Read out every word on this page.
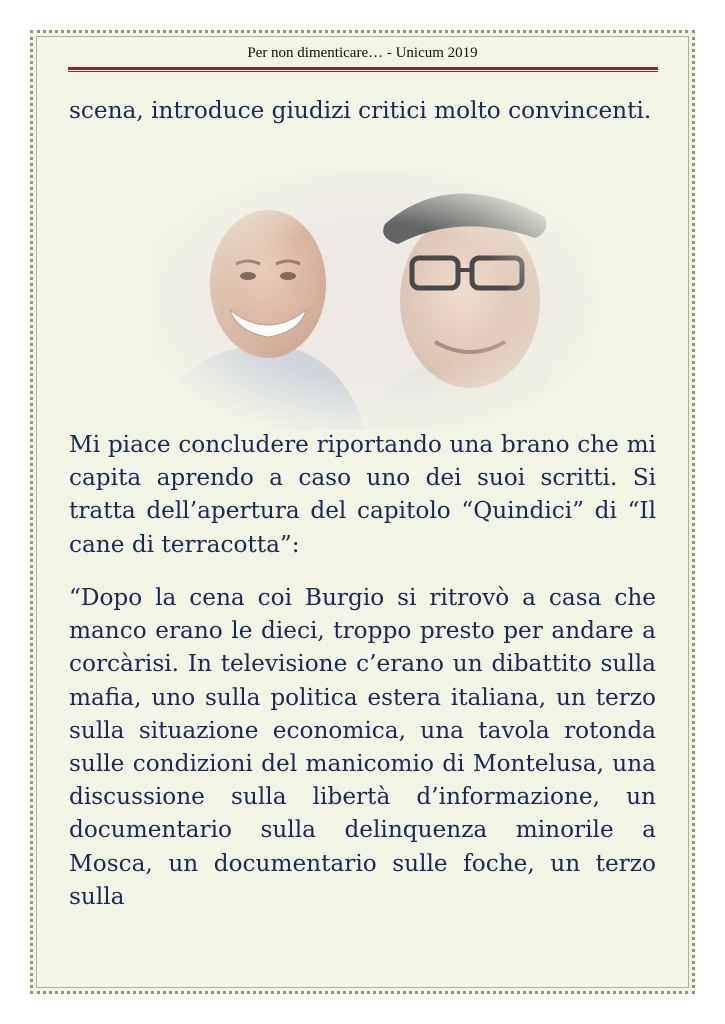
Per non dimenticare… - Unicum 2019

scena, introduce giudizi critici molto convincenti.

Mi piace concludere riportando una brano che mi capita aprendo a caso uno dei suoi scritti. Si tratta dell’apertura del capitolo “Quindici” di “Il cane di terracotta”:

“Dopo la cena coi Burgio si ritrovò a casa che manco erano le dieci, troppo presto per andare a corcàrisi. In televisione c’erano un dibattito sulla mafia, uno sulla politica estera italiana, un terzo sulla situazione economica, una tavola rotonda sulle condizioni del manicomio di Montelusa, una discussione sulla libertà d’informazione, un documentario sulla delinquenza minorile a Mosca, un documentario sulle foche, un terzo sulla
